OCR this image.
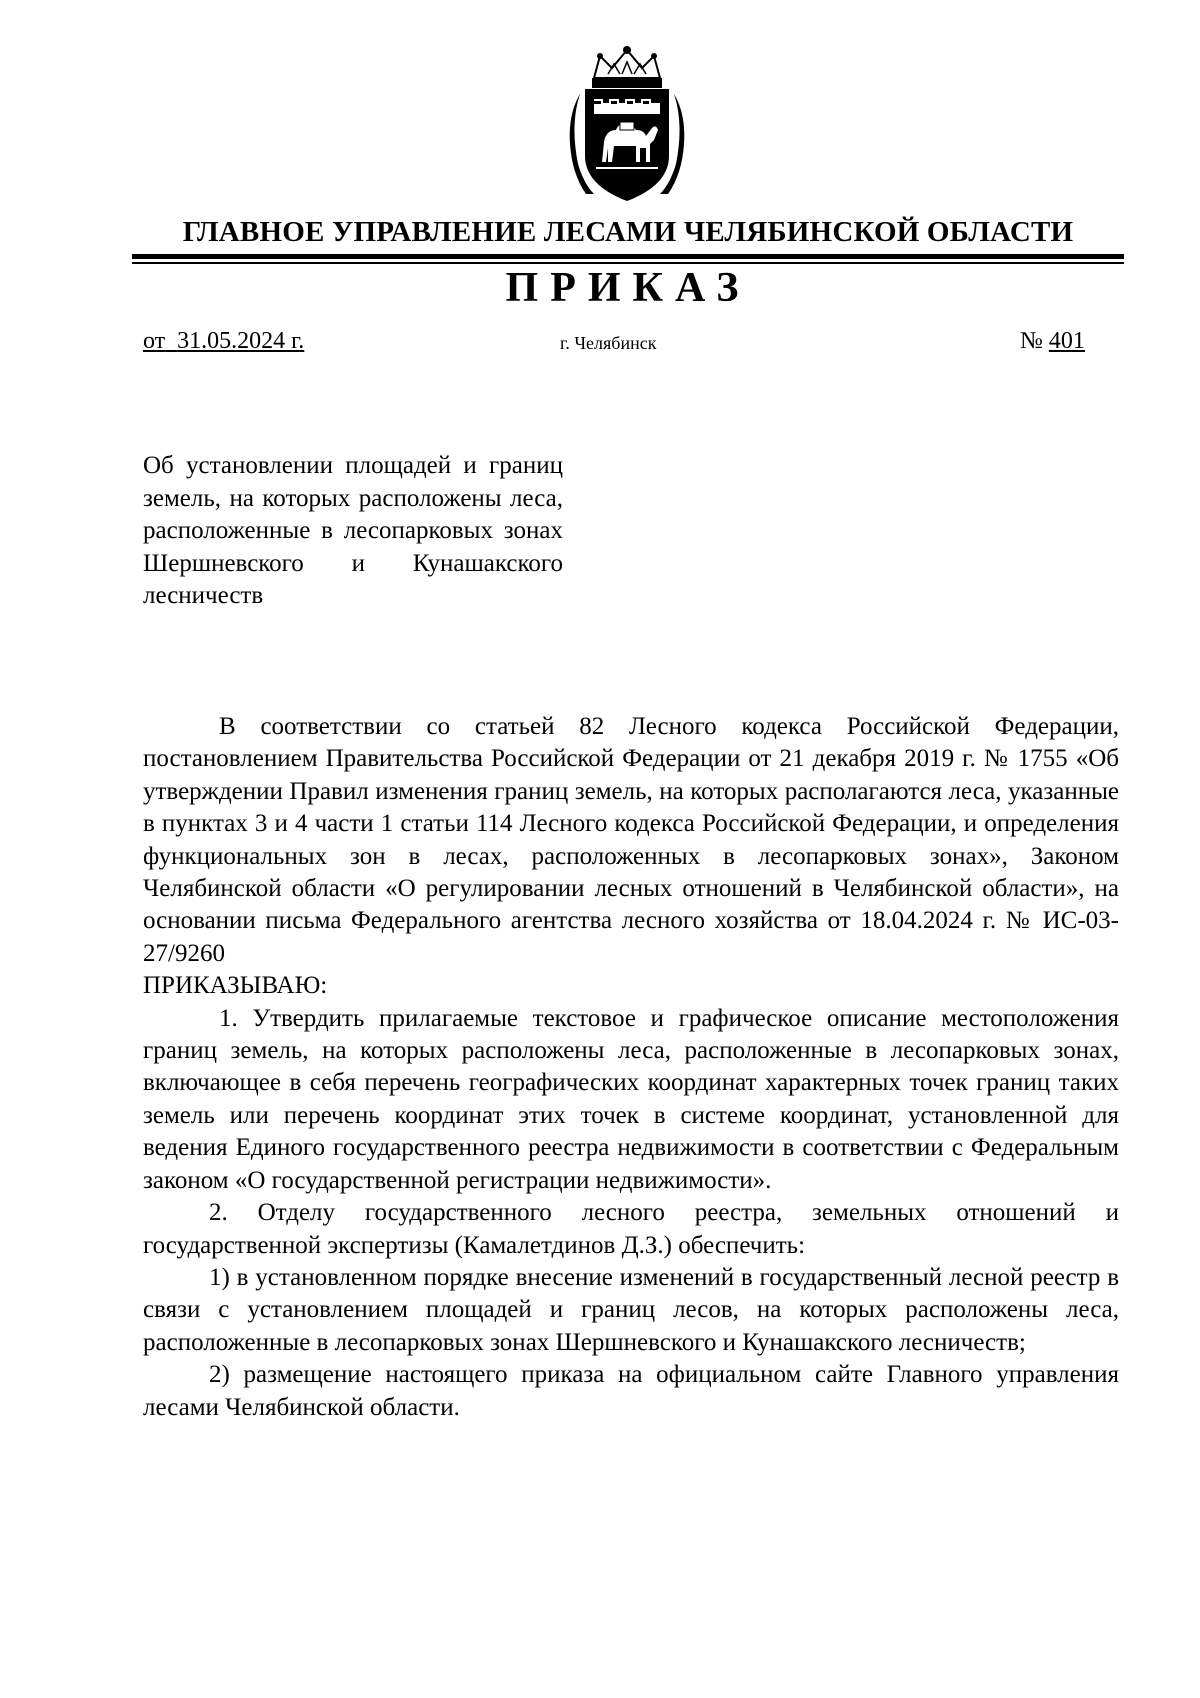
ГЛАВНОЕ УПРАВЛЕНИЕ ЛЕСАМИ ЧЕЛЯБИНСКОЙ ОБЛАСТИ
ПРИКАЗ
от 31.05.2024 г.	г. Челябинск	№ 401
Об установлении площадей и границ земель, на которых расположены леса, расположенные в лесопарковых зонах Шершневского и Кунашакского лесничеств

В соответствии со статьей 82 Лесного кодекса Российской Федерации, постановлением Правительства Российской Федерации от 21 декабря 2019 г. № 1755 «Об утверждении Правил изменения границ земель, на которых располагаются леса, указанные в пунктах 3 и 4 части 1 статьи 114 Лесного кодекса Российской Федерации, и определения функциональных зон в лесах, расположенных в лесопарковых зонах», Законом Челябинской области «О регулировании лесных отношений в Челябинской области», на основании письма Федерального агентства лесного хозяйства от 18.04.2024 г. № ИС-03-27/9260

ПРИКАЗЫВАЮ:

1. Утвердить прилагаемые текстовое и графическое описание местоположения границ земель, на которых расположены леса, расположенные в лесопарковых зонах, включающее в себя перечень географических координат характерных точек границ таких земель или перечень координат этих точек в системе координат, установленной для ведения Единого государственного реестра недвижимости в соответствии с Федеральным законом «О государственной регистрации недвижимости».

2. Отделу государственного лесного реестра, земельных отношений и государственной экспертизы (Камалетдинов Д.З.) обеспечить:

1) в установленном порядке внесение изменений в государственный лесной реестр в связи с установлением площадей и границ лесов, на которых расположены леса, расположенные в лесопарковых зонах Шершневского и Кунашакского лесничеств;

2) размещение настоящего приказа на официальном сайте Главного управления лесами Челябинской области.
